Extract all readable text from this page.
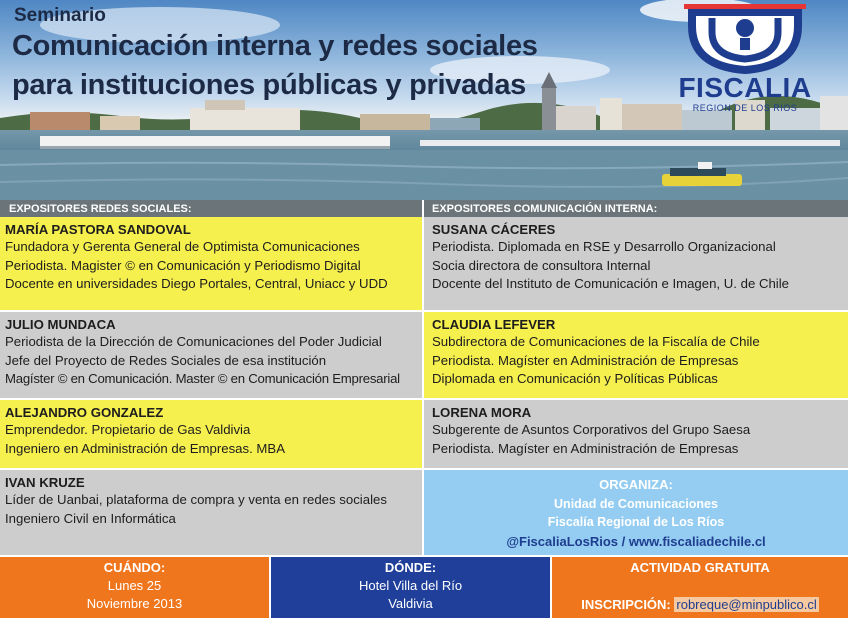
Seminario
Comunicación interna y redes sociales
para instituciones públicas y privadas	FISCALIA
REGION DE LOS RIOS
EXPOSITORES REDES SOCIALES:	EXPOSITORES COMUNICACIÓN INTERNA:
MARÍA PASTORA SANDOVAL
Fundadora y Gerenta General de Optimista Comunicaciones
Periodista. Magister © en Comunicación y Periodismo Digital
Docente en universidades Diego Portales, Central, Uniacc y UDD
JULIO MUNDACA
Periodista de la Dirección de Comunicaciones del Poder Judicial
Jefe del Proyecto de Redes Sociales de esa institución
Magíster © en Comunicación. Master © en Comunicación Empresarial
ALEJANDRO GONZALEZ
Emprendedor. Propietario de Gas Valdivia
Ingeniero en Administración de Empresas. MBA
IVAN KRUZE
Líder de Uanbai, plataforma de compra y venta en redes sociales
Ingeniero Civil en Informática
SUSANA CÁCERES
Periodista. Diplomada en RSE y Desarrollo Organizacional
Socia directora de consultora Internal
Docente del Instituto de Comunicación e Imagen, U. de Chile
CLAUDIA LEFEVER
Subdirectora de Comunicaciones de la Fiscalía de Chile
Periodista. Magíster en Administración de Empresas
Diplomada en Comunicación y Políticas Públicas
LORENA MORA
Subgerente de Asuntos Corporativos del Grupo Saesa
Periodista. Magíster en Administración de Empresas
ORGANIZA:
Unidad de Comunicaciones
Fiscalía Regional de Los Ríos
@FiscaliaLosRios / www.fiscaliadechile.cl
CUÁNDO:
Lunes 25
Noviembre 2013
DÓNDE:
Hotel Villa del Río
Valdivia
ACTIVIDAD GRATUITA
INSCRIPCIÓN: robreque@minpublico.cl
